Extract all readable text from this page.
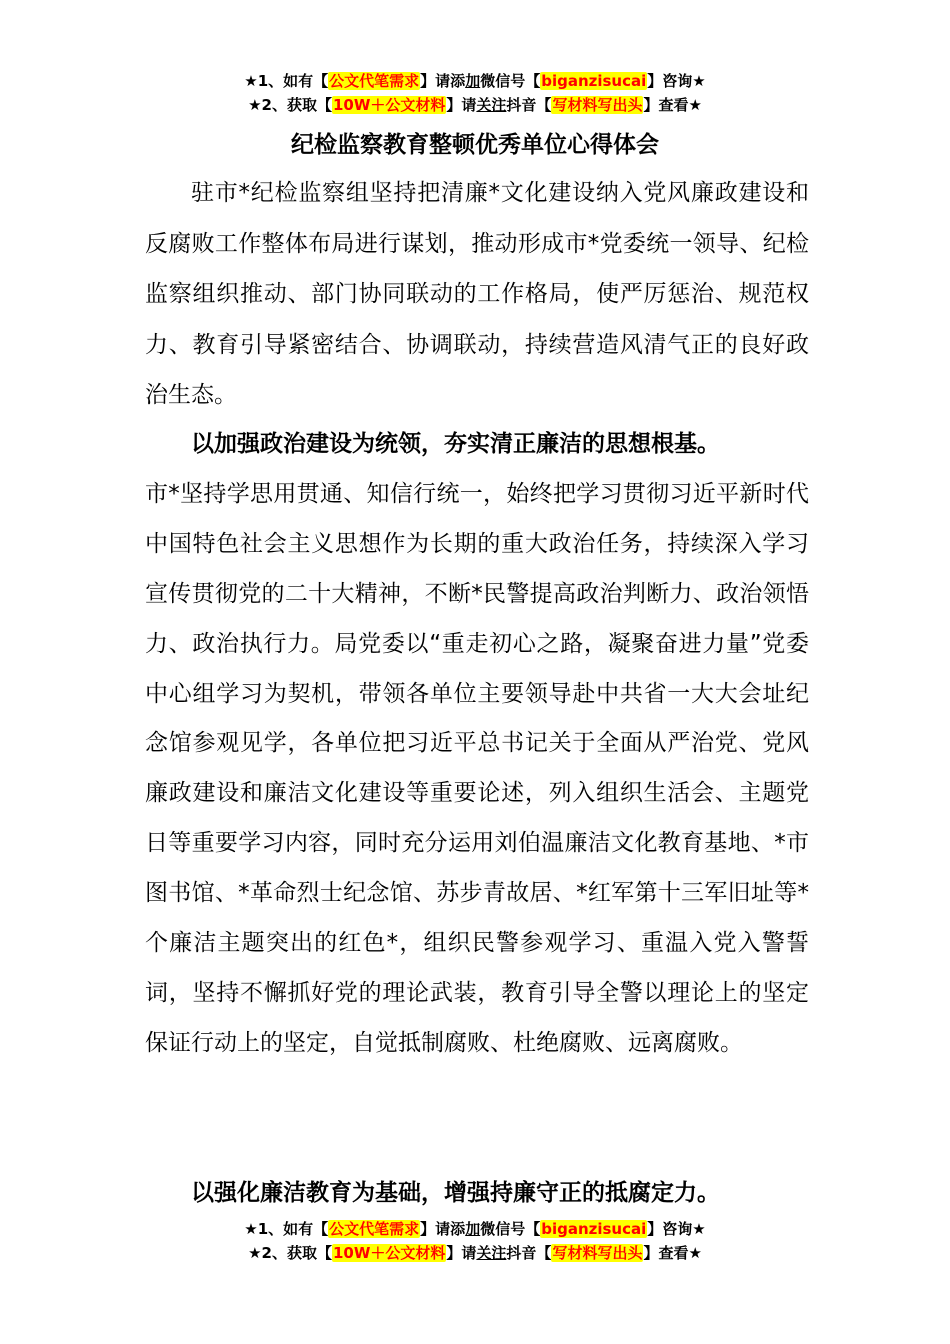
★1、如有【公文代笔需求】请添加微信号【biganzisucai】咨询★
★2、获取【10W＋公文材料】请关注抖音【写材料写出头】查看★
纪检监察教育整顿优秀单位心得体会
驻市*纪检监察组坚持把清廉*文化建设纳入党风廉政建设和反腐败工作整体布局进行谋划，推动形成市*党委统一领导、纪检监察组织推动、部门协同联动的工作格局，使严厉惩治、规范权力、教育引导紧密结合、协调联动，持续营造风清气正的良好政治生态。
以加强政治建设为统领，夯实清正廉洁的思想根基。
市*坚持学思用贯通、知信行统一，始终把学习贯彻习近平新时代中国特色社会主义思想作为长期的重大政治任务，持续深入学习宣传贯彻党的二十大精神，不断*民警提高政治判断力、政治领悟力、政治执行力。局党委以“重走初心之路，凝聚奋进力量”党委中心组学习为契机，带领各单位主要领导赴中共省一大大会址纪念馆参观见学，各单位把习近平总书记关于全面从严治党、党风廉政建设和廉洁文化建设等重要论述，列入组织生活会、主题党日等重要学习内容，同时充分运用刘伯温廉洁文化教育基地、*市图书馆、*革命烈士纪念馆、苏步青故居、*红军第十三军旧址等*个廉洁主题突出的红色*，组织民警参观学习、重温入党入警誓词，坚持不懈抓好党的理论武装，教育引导全警以理论上的坚定保证行动上的坚定，自觉抵制腐败、杜绝腐败、远离腐败。
以强化廉洁教育为基础，增强持廉守正的抵腐定力。
★1、如有【公文代笔需求】请添加微信号【biganzisucai】咨询★
★2、获取【10W＋公文材料】请关注抖音【写材料写出头】查看★
